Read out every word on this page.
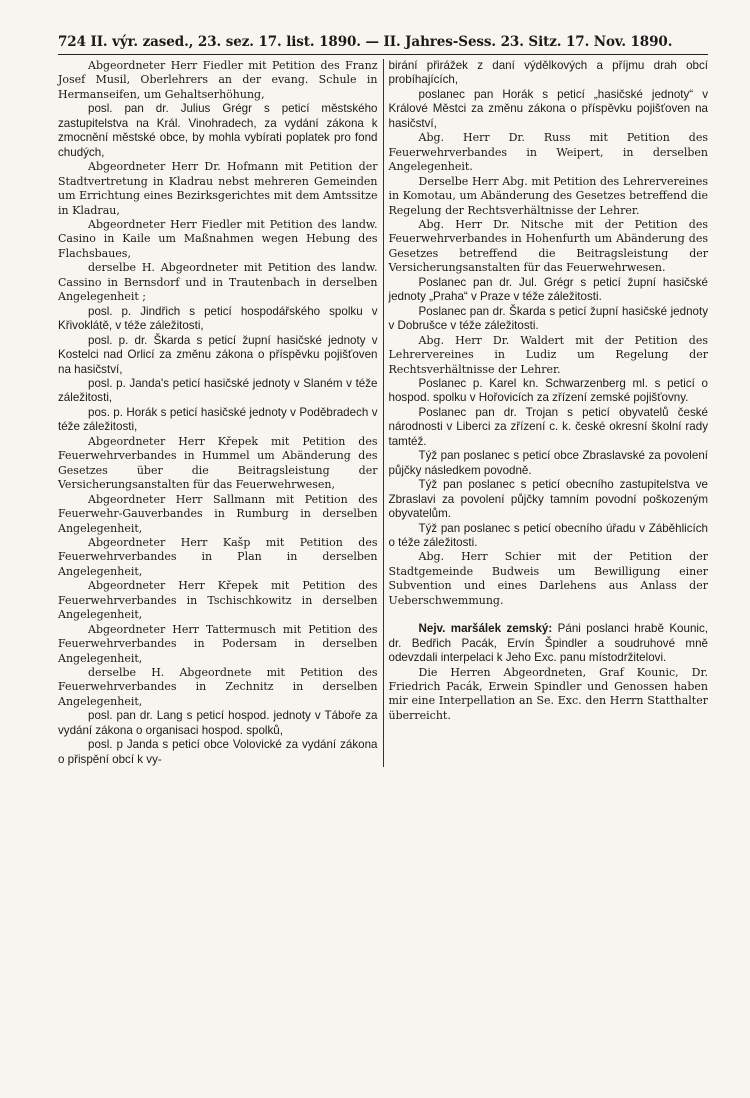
724 II. výr. zased., 23. sez. 17. list. 1890. — II. Jahres-Sess. 23. Sitz. 17. Nov. 1890.

Abgeordneter Herr Fiedler mit Petition des Franz Josef Musil, Oberlehrers an der evang. Schule in Hermanseifen, um Gehaltserhöhung,

posl. pan dr. Julius Grégr s peticí městského zastupitelstva na Král. Vinohradech, za vydání zákona k zmocnění městské obce, by mohla vybírati poplatek pro fond chudých,

Abgeordneter Herr Dr. Hofmann mit Petition der Stadtvertretung in Kladrau nebst mehreren Gemeinden um Errichtung eines Bezirksgerichtes mit dem Amtssitze in Kladrau,

Abgeordneter Herr Fiedler mit Petition des landw. Casino in Kaile um Maßnahmen wegen Hebung des Flachsbaues,

derselbe H. Abgeordneter mit Petition des landw. Cassino in Bernsdorf und in Trautenbach in derselben Angelegenheit ;

posl. p. Jindřich s peticí hospodářského spolku v Křivoklátě, v téže záležitosti,

posl. p. dr. Škarda s peticí župní hasičské jednoty v Kostelci nad Orlicí za změnu zákona o příspěvku pojišťoven na hasičství,

posl. p. Janda's peticí hasičské jednoty v Slaném v téže záležitosti,

pos. p. Horák s peticí hasičské jednoty v Poděbradech v téže záležitosti,

Abgeordneter Herr Křepek mit Petition des Feuerwehrverbandes in Hummel um Abänderung des Gesetzes über die Beitragsleistung der Versicherungsanstalten für das Feuerwehrwesen,

Abgeordneter Herr Sallmann mit Petition des Feuerwehr-Gauverbandes in Rumburg in derselben Angelegenheit,

Abgeordneter Herr Kašp mit Petition des Feuerwehrverbandes in Plan in derselben Angelegenheit,

Abgeordneter Herr Křepek mit Petition des Feuerwehrverbandes in Tschischkowitz in derselben Angelegenheit,

Abgeordneter Herr Tattermusch mit Petition des Feuerwehrverbandes in Podersam in derselben Angelegenheit,

derselbe H. Abgeordnete mit Petition des Feuerwehrverbandes in Zechnitz in derselben Angelegenheit,

posl. pan dr. Lang s peticí hospod. jednoty v Táboře za vydání zákona o organisaci hospod. spolků,

posl. p Janda s peticí obce Volovické za vydání zákona o přispění obcí k vy-

birání přirážek z daní výdělkových a příjmu drah obcí probíhajících,

poslanec pan Horák s peticí „hasičské jednoty“ v Králové Městci za změnu zákona o příspěvku pojišťoven na hasičství,

Abg. Herr Dr. Russ mit Petition des Feuerwehrverbandes in Weipert, in derselben Angelegenheit.

Derselbe Herr Abg. mit Petition des Lehrervereines in Komotau, um Abänderung des Gesetzes betreffend die Regelung der Rechtsverhältnisse der Lehrer.

Abg. Herr Dr. Nitsche mit der Petition des Feuerwehrverbandes in Hohenfurth um Abänderung des Gesetzes betreffend die Beitragsleistung der Versicherungsanstalten für das Feuerwehrwesen.

Poslanec pan dr. Jul. Grégr s peticí župní hasičské jednoty „Praha“ v Praze v téže záležitosti.

Poslanec pan dr. Škarda s peticí župní hasičské jednoty v Dobrušce v téže záležitosti.

Abg. Herr Dr. Waldert mit der Petition des Lehrervereines in Ludiz um Regelung der Rechtsverhältnisse der Lehrer.

Poslanec p. Karel kn. Schwarzenberg ml. s peticí o hospod. spolku v Hořovicích za zřízení zemské pojišťovny.

Poslanec pan dr. Trojan s peticí obyvatelů české národnosti v Liberci za zřízení c. k. české okresní školní rady tamtéž.

Týž pan poslanec s peticí obce Zbraslavské za povolení půjčky následkem povodně.

Týž pan poslanec s peticí obecního zastupitelstva ve Zbraslavi za povolení půjčky tamním povodní poškozeným obyvatelům.

Týž pan poslanec s peticí obecního úřadu v Záběhlicích o téže záležitosti.

Abg. Herr Schier mit der Petition der Stadtgemeinde Budweis um Bewilligung einer Subvention und eines Darlehens aus Anlass der Ueberschwemmung.

Nejv. maršálek zemský: Páni poslanci hrabě Kounic, dr. Bedřich Pacák, Ervín Špindler a soudruhové mně odevzdali interpelaci k Jeho Exc. panu místodržitelovi.

Die Herren Abgeordneten, Graf Kounic, Dr. Friedrich Pacák, Erwein Spindler und Genossen haben mir eine Interpellation an Se. Exc. den Herrn Statthalter überreicht.
